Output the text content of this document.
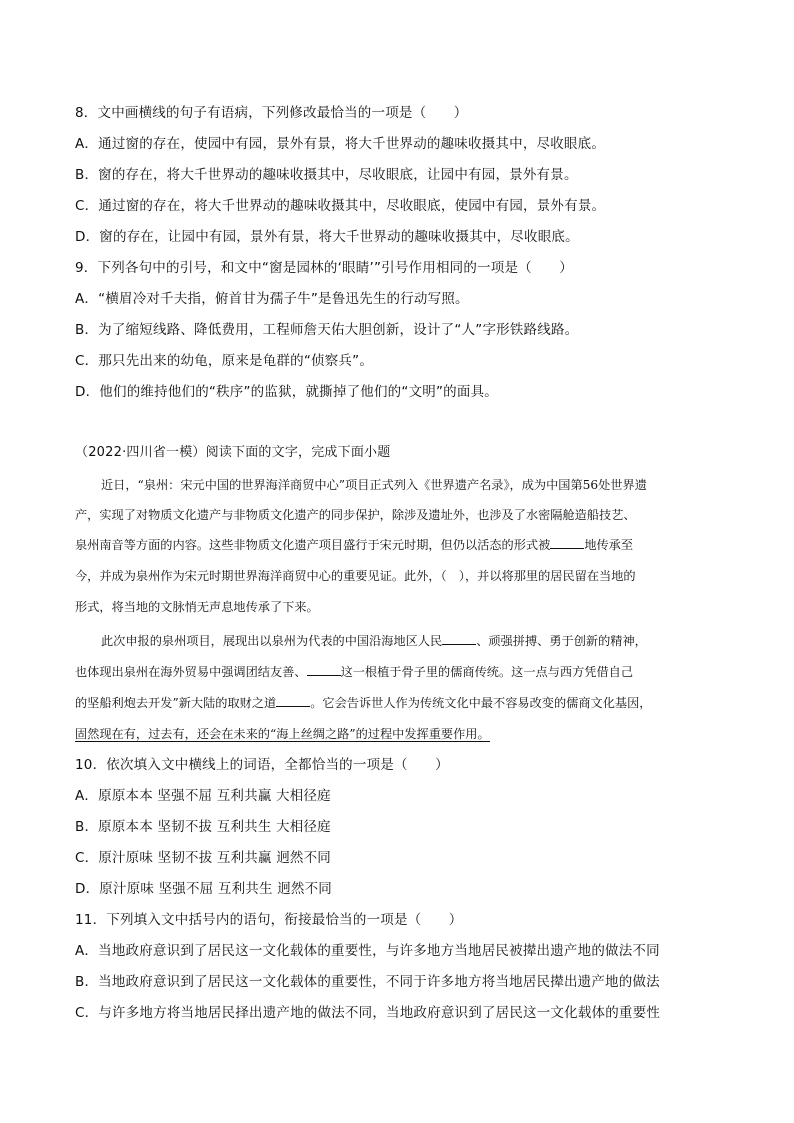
8．文中画横线的句子有语病，下列修改最恰当的一项是（　　）
A．通过窗的存在，使园中有园，景外有景，将大千世界动的趣味收摄其中，尽收眼底。
B．窗的存在，将大千世界动的趣味收摄其中，尽收眼底，让园中有园，景外有景。
C．通过窗的存在，将大千世界动的趣味收摄其中，尽收眼底，使园中有园，景外有景。
D．窗的存在，让园中有园，景外有景，将大千世界动的趣味收摄其中，尽收眼底。
9．下列各句中的引号，和文中“窗是园林的‘眼睛’”引号作用相同的一项是（　　）
A．“横眉冷对千夫指，俯首甘为孺子牛”是鲁迅先生的行动写照。
B．为了缩短线路、降低费用，工程师詹天佑大胆创新，设计了“人”字形铁路线路。
C．那只先出来的幼龟，原来是龟群的“侦察兵”。
D．他们的维持他们的“秩序”的监狱，就撕掉了他们的“文明”的面具。
（2022·四川省一模）阅读下面的文字，完成下面小题
近日，“泉州：宋元中国的世界海洋商贸中心”项目正式列入《世界遗产名录》，成为中国第56处世界遗
产，实现了对物质文化遗产与非物质文化遗产的同步保护，除涉及遗址外，也涉及了水密隔舱造船技艺、
泉州南音等方面的内容。这些非物质文化遗产项目盛行于宋元时期，但仍以活态的形式被	地传承至
今，并成为泉州作为宋元时期世界海洋商贸中心的重要见证。此外，（　），并以将那里的居民留在当地的
形式，将当地的文脉悄无声息地传承了下来。
此次申报的泉州项目，展现出以泉州为代表的中国沿海地区人民	、顽强拼搏、勇于创新的精神，
也体现出泉州在海外贸易中强调团结友善、	这一根植于骨子里的儒商传统。这一点与西方凭借自己
的坚船利炮去开发”新大陆的取财之道	。它会告诉世人作为传统文化中最不容易改变的儒商文化基因，
固然现在有，过去有，还会在未来的“海上丝绸之路”的过程中发挥重要作用。
10．依次填入文中横线上的词语，全都恰当的一项是（　　）
A．原原本本 坚强不屈 互利共赢 大相径庭
B．原原本本 坚韧不拔 互利共生 大相径庭
C．原汁原味 坚韧不拔 互利共赢 迥然不同
D．原汁原味 坚强不屈 互利共生 迥然不同
11．下列填入文中括号内的语句，衔接最恰当的一项是（　　）
A．当地政府意识到了居民这一文化载体的重要性，与许多地方当地居民被撵出遗产地的做法不同
B．当地政府意识到了居民这一文化载体的重要性，不同于许多地方将当地居民撵出遗产地的做法
C．与许多地方将当地居民择出遗产地的做法不同，当地政府意识到了居民这一文化载体的重要性
